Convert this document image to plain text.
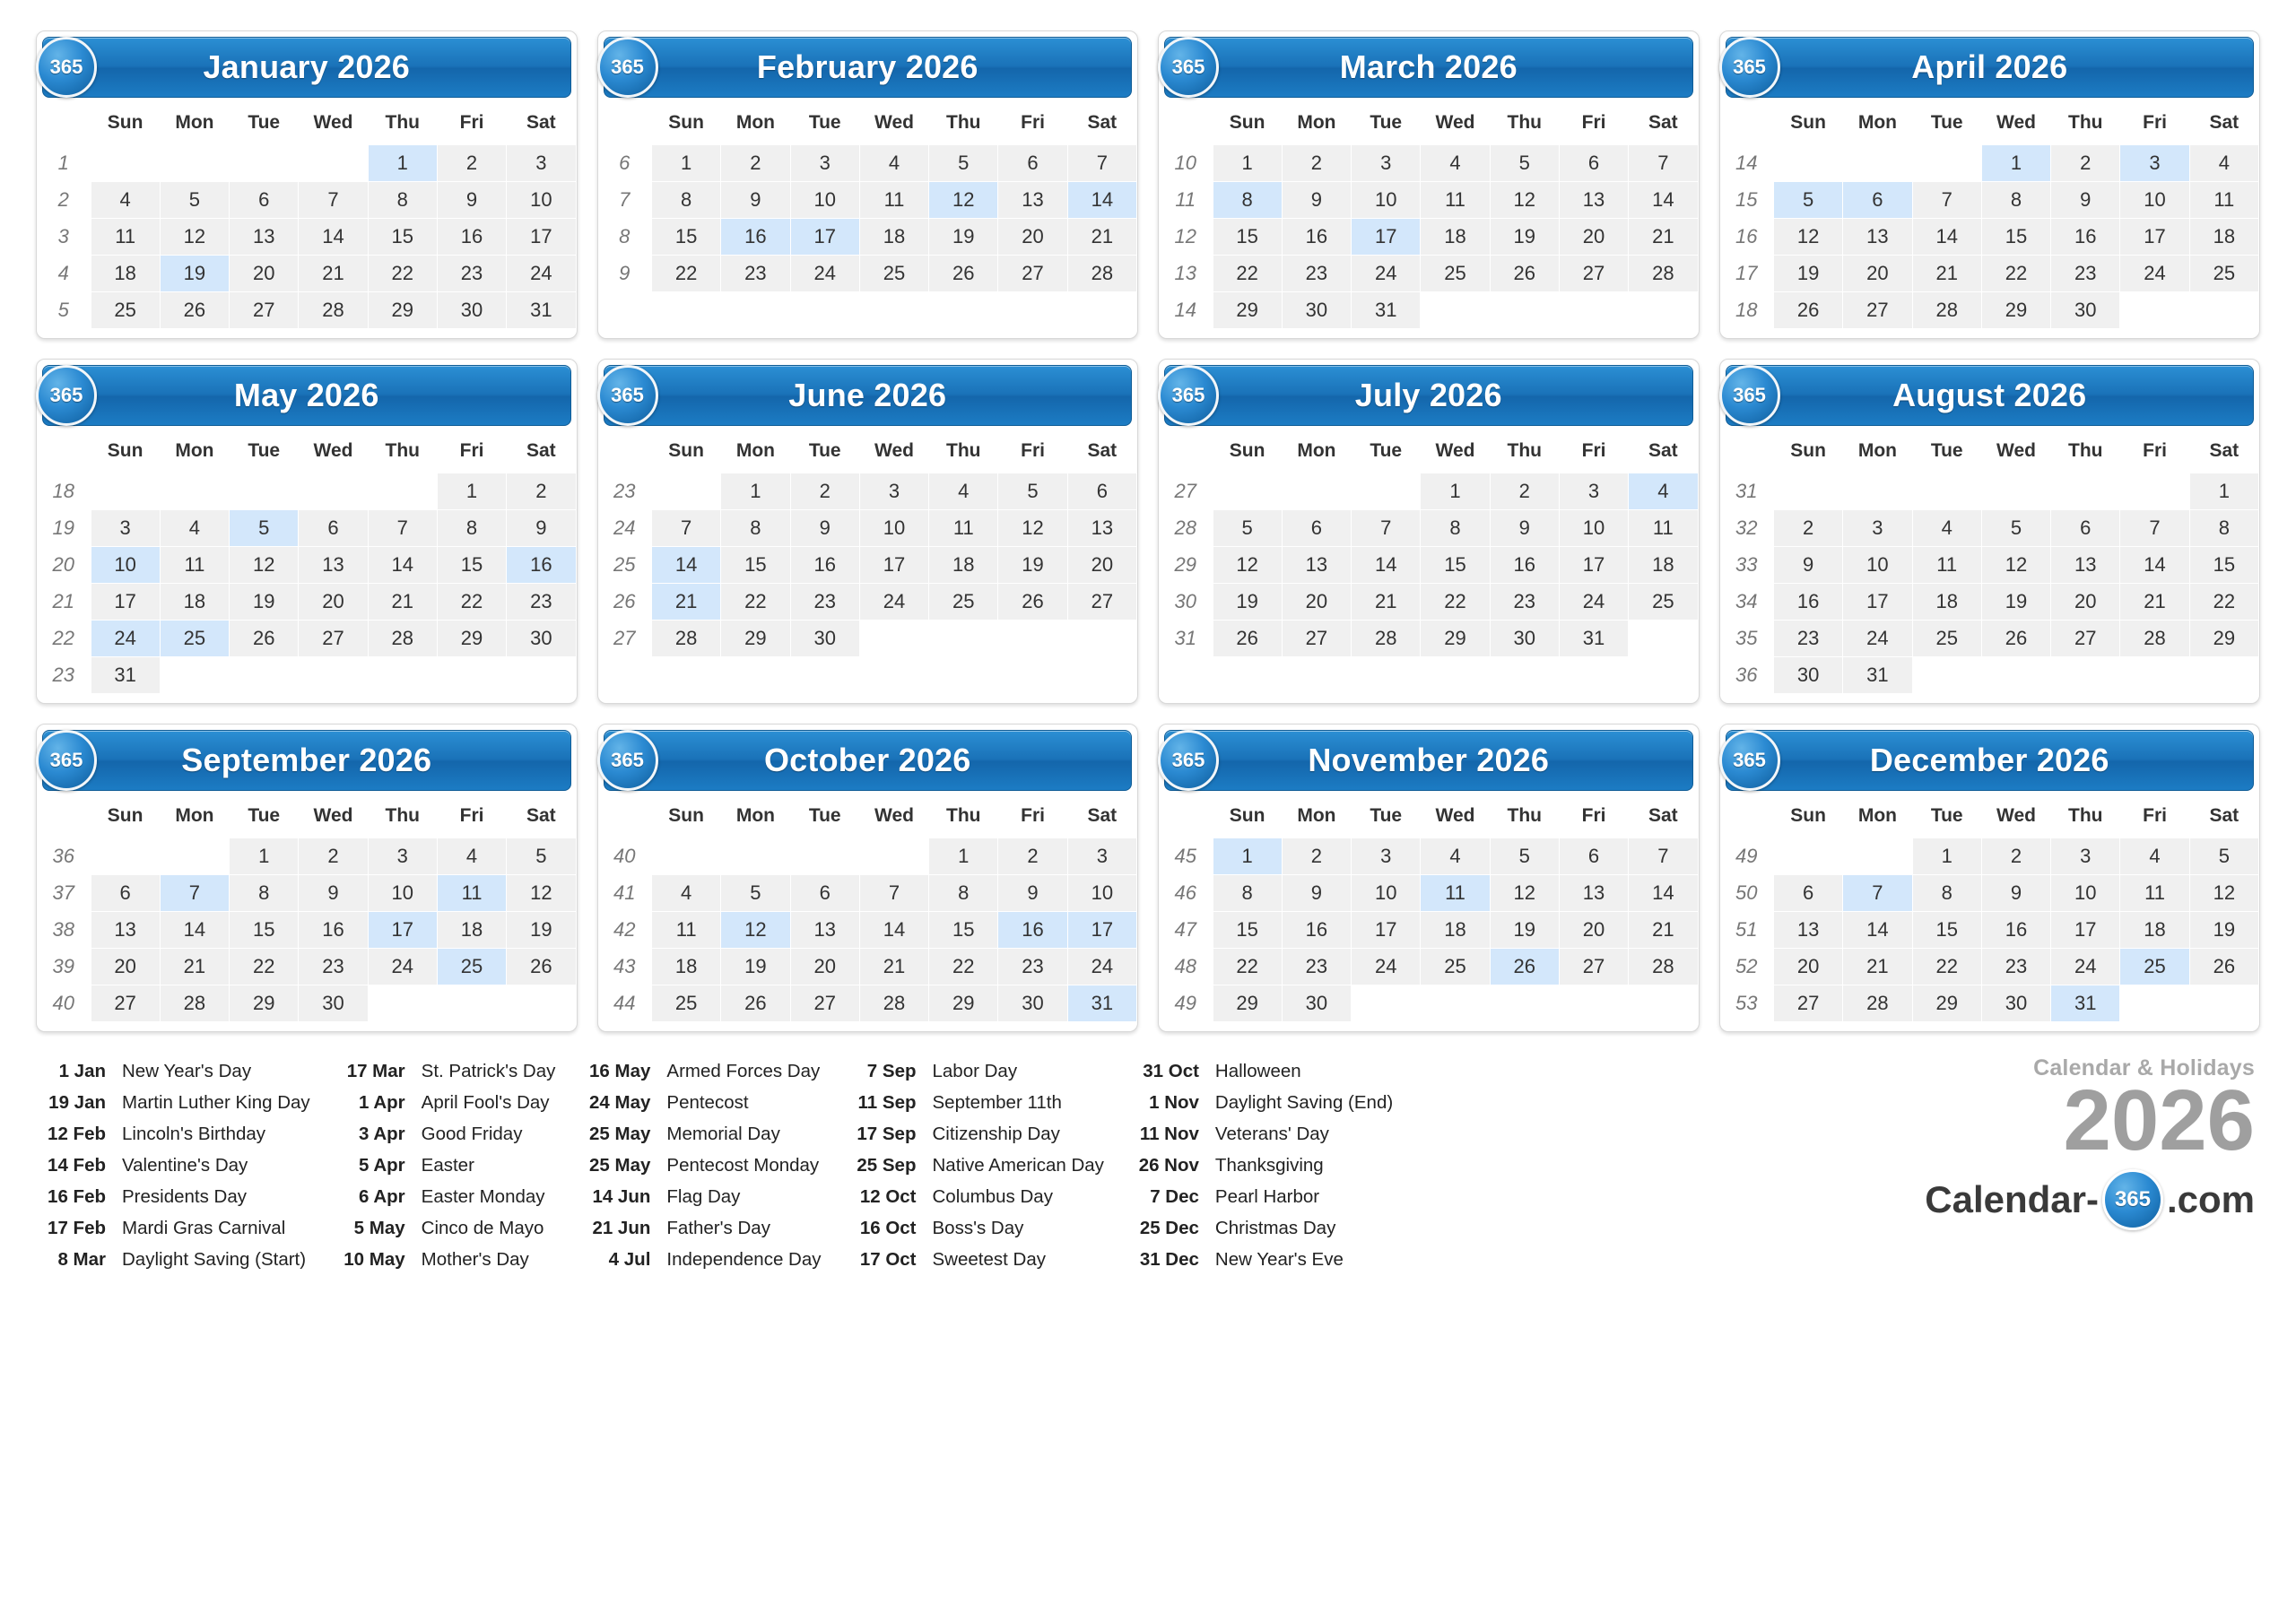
365	January 2026
	Sun	Mon	Tue	Wed	Thu	Fri	Sat
1					1	2	3
2	4	5	6	7	8	9	10
3	11	12	13	14	15	16	17
4	18	19	20	21	22	23	24
5	25	26	27	28	29	30	31
365	February 2026
	Sun	Mon	Tue	Wed	Thu	Fri	Sat
6	1	2	3	4	5	6	7
7	8	9	10	11	12	13	14
8	15	16	17	18	19	20	21
9	22	23	24	25	26	27	28
365	March 2026
	Sun	Mon	Tue	Wed	Thu	Fri	Sat
10	1	2	3	4	5	6	7
11	8	9	10	11	12	13	14
12	15	16	17	18	19	20	21
13	22	23	24	25	26	27	28
14	29	30	31				
365	April 2026
	Sun	Mon	Tue	Wed	Thu	Fri	Sat
14				1	2	3	4
15	5	6	7	8	9	10	11
16	12	13	14	15	16	17	18
17	19	20	21	22	23	24	25
18	26	27	28	29	30		
365	May 2026
	Sun	Mon	Tue	Wed	Thu	Fri	Sat
18						1	2
19	3	4	5	6	7	8	9
20	10	11	12	13	14	15	16
21	17	18	19	20	21	22	23
22	24	25	26	27	28	29	30
23	31						
365	June 2026
	Sun	Mon	Tue	Wed	Thu	Fri	Sat
23		1	2	3	4	5	6
24	7	8	9	10	11	12	13
25	14	15	16	17	18	19	20
26	21	22	23	24	25	26	27
27	28	29	30				
365	July 2026
	Sun	Mon	Tue	Wed	Thu	Fri	Sat
27				1	2	3	4
28	5	6	7	8	9	10	11
29	12	13	14	15	16	17	18
30	19	20	21	22	23	24	25
31	26	27	28	29	30	31	
365	August 2026
	Sun	Mon	Tue	Wed	Thu	Fri	Sat
31							1
32	2	3	4	5	6	7	8
33	9	10	11	12	13	14	15
34	16	17	18	19	20	21	22
35	23	24	25	26	27	28	29
36	30	31					
365	September 2026
	Sun	Mon	Tue	Wed	Thu	Fri	Sat
36			1	2	3	4	5
37	6	7	8	9	10	11	12
38	13	14	15	16	17	18	19
39	20	21	22	23	24	25	26
40	27	28	29	30			
365	October 2026
	Sun	Mon	Tue	Wed	Thu	Fri	Sat
40					1	2	3
41	4	5	6	7	8	9	10
42	11	12	13	14	15	16	17
43	18	19	20	21	22	23	24
44	25	26	27	28	29	30	31
365	November 2026
	Sun	Mon	Tue	Wed	Thu	Fri	Sat
45	1	2	3	4	5	6	7
46	8	9	10	11	12	13	14
47	15	16	17	18	19	20	21
48	22	23	24	25	26	27	28
49	29	30					
365	December 2026
	Sun	Mon	Tue	Wed	Thu	Fri	Sat
49			1	2	3	4	5
50	6	7	8	9	10	11	12
51	13	14	15	16	17	18	19
52	20	21	22	23	24	25	26
53	27	28	29	30	31		
1 Jan New Year's Day
19 Jan Martin Luther King Day
12 Feb Lincoln's Birthday
14 Feb Valentine's Day
16 Feb Presidents Day
17 Feb Mardi Gras Carnival
8 Mar Daylight Saving (Start)
17 Mar St. Patrick's Day
1 Apr April Fool's Day
3 Apr Good Friday
5 Apr Easter
6 Apr Easter Monday
5 May Cinco de Mayo
10 May Mother's Day
16 May Armed Forces Day
24 May Pentecost
25 May Memorial Day
25 May Pentecost Monday
14 Jun Flag Day
21 Jun Father's Day
4 Jul Independence Day
7 Sep Labor Day
11 Sep September 11th
17 Sep Citizenship Day
25 Sep Native American Day
12 Oct Columbus Day
16 Oct Boss's Day
17 Oct Sweetest Day
31 Oct Halloween
1 Nov Daylight Saving (End)
11 Nov Veterans' Day
26 Nov Thanksgiving
7 Dec Pearl Harbor
25 Dec Christmas Day
31 Dec New Year's Eve
Calendar & Holidays
2026
Calendar- 365 .com
